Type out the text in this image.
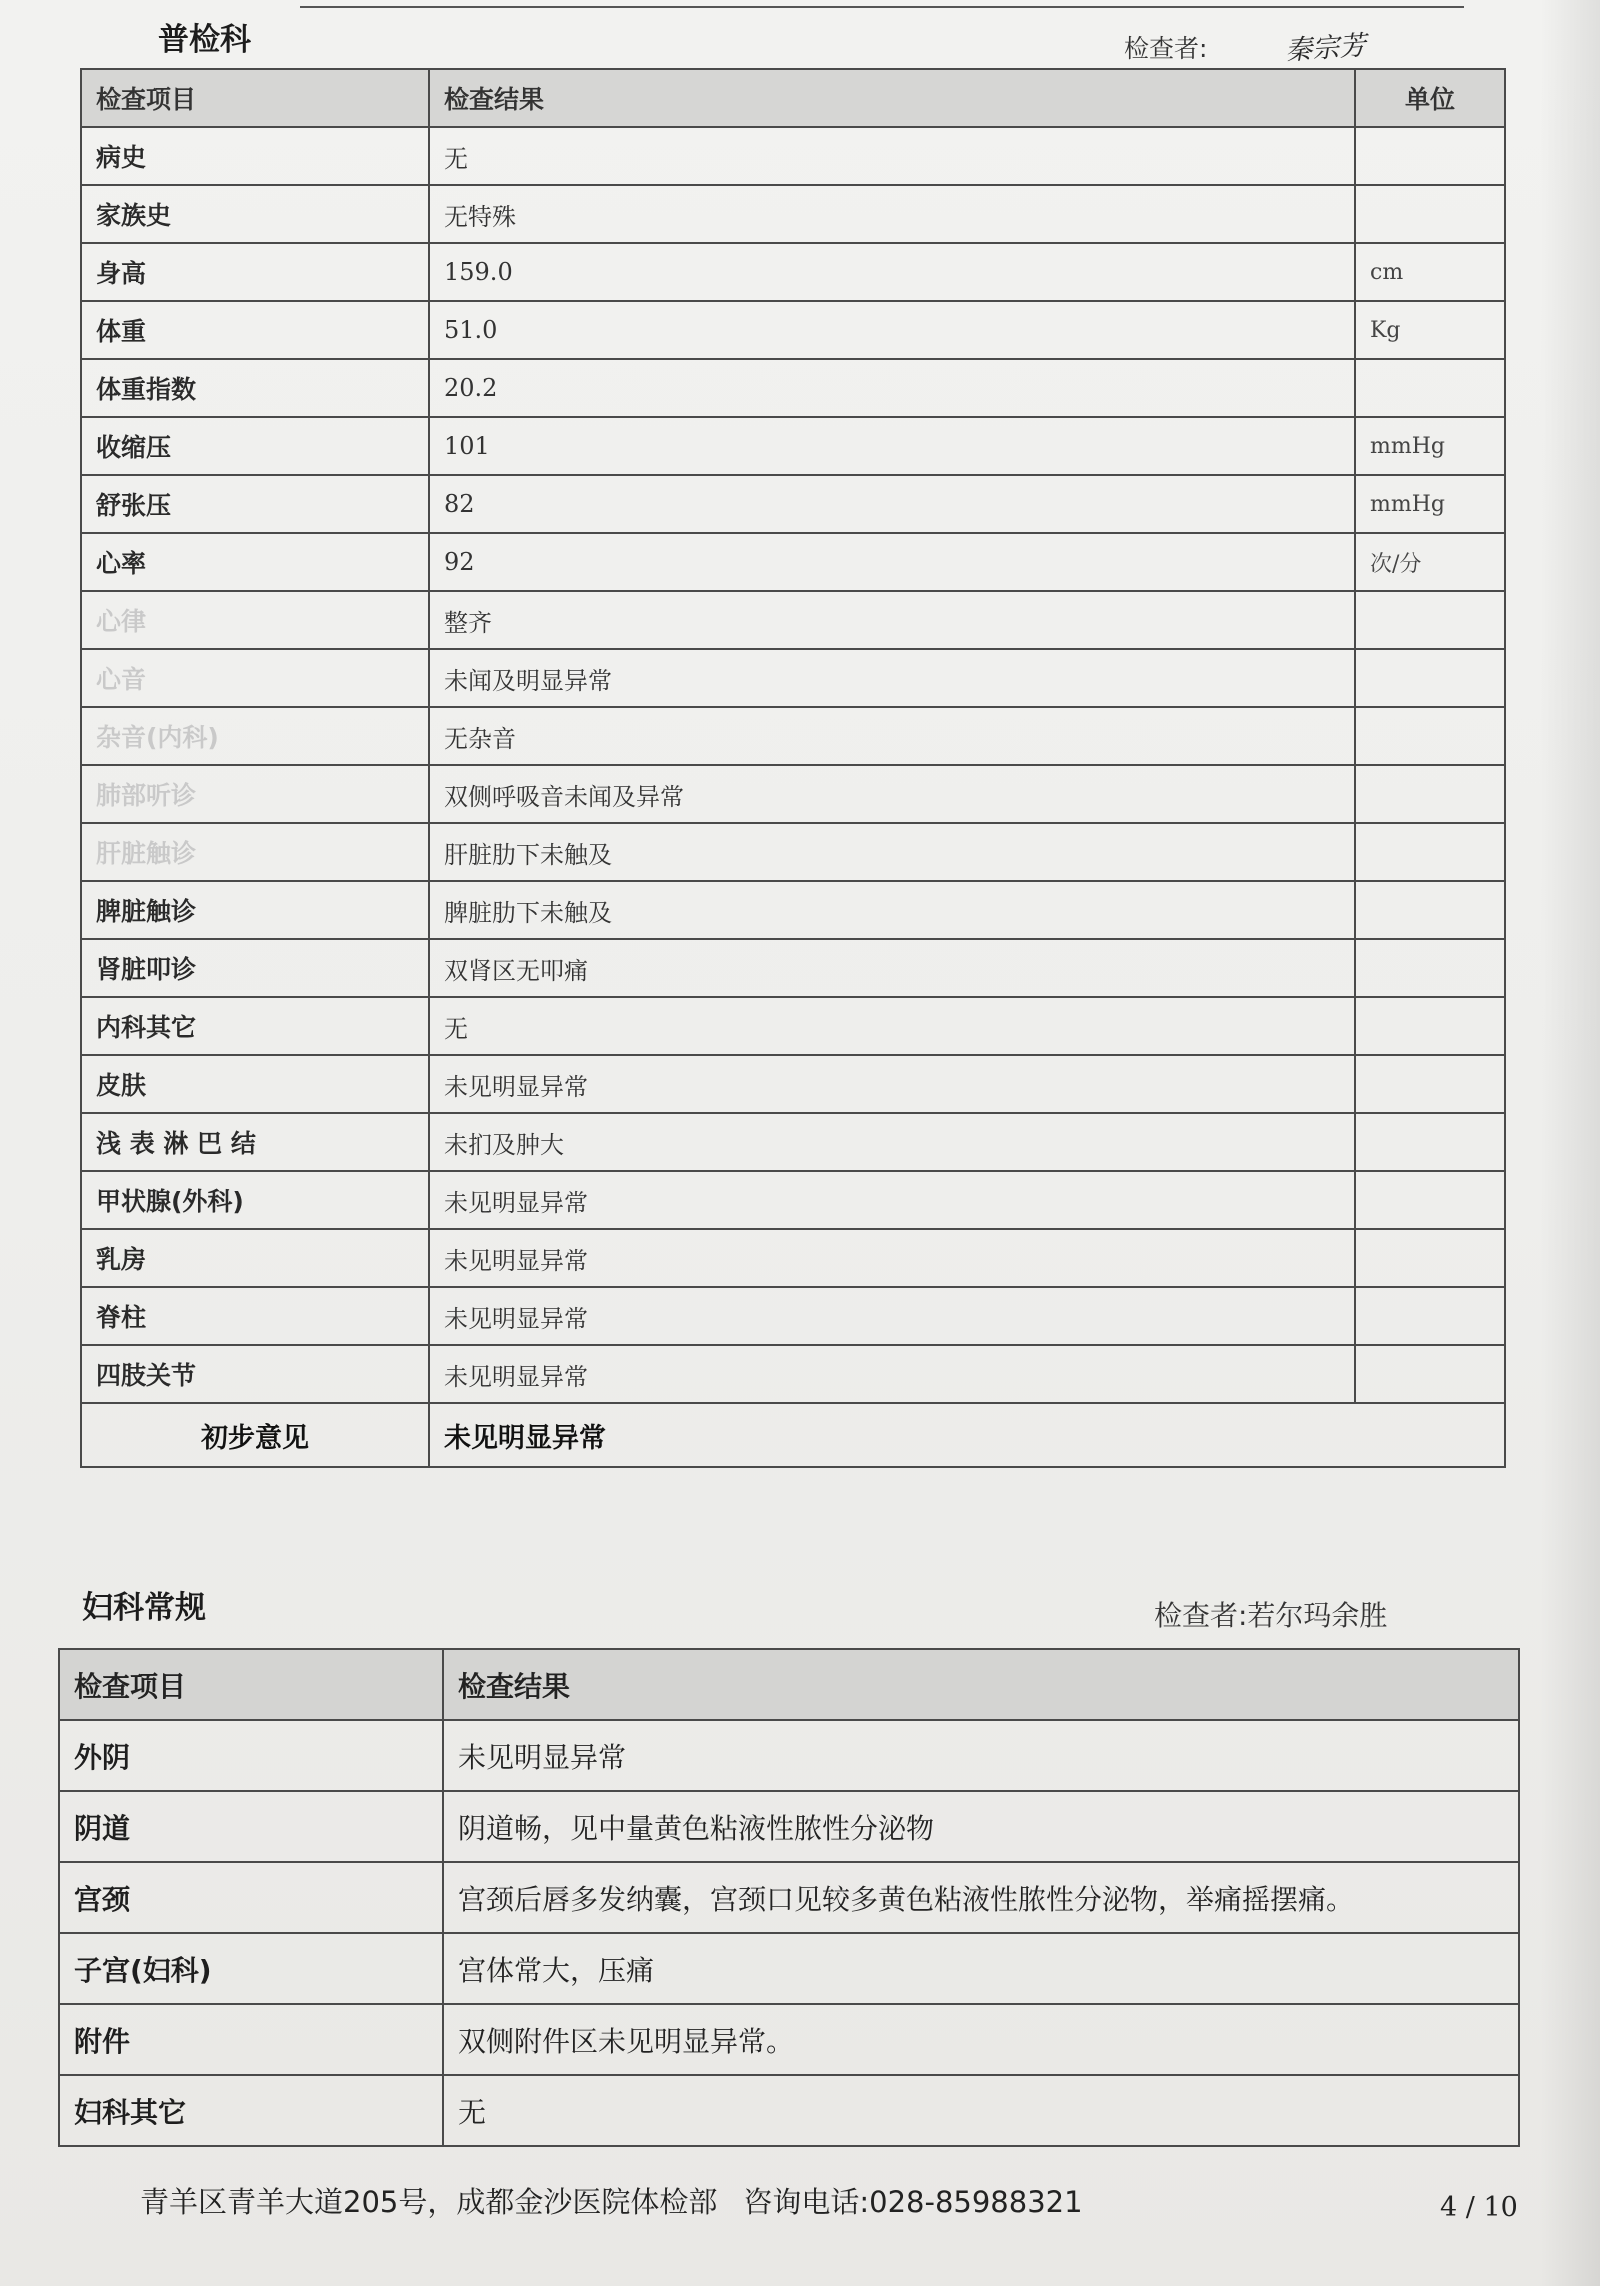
普检科	检查者:	秦宗芳
检查项目	检查结果	单位
病史	无	
家族史	无特殊	
身高	159.0	cm
体重	51.0	Kg
体重指数	20.2	
收缩压	101	mmHg
舒张压	82	mmHg
心率	92	次/分
心律	整齐	
心音	未闻及明显异常	
杂音(内科)	无杂音	
肺部听诊	双侧呼吸音未闻及异常	
肝脏触诊	肝脏肋下未触及	
脾脏触诊	脾脏肋下未触及	
肾脏叩诊	双肾区无叩痛	
内科其它	无	
皮肤	未见明显异常	
浅 表 淋 巴 结	未扪及肿大	
甲状腺(外科)	未见明显异常	
乳房	未见明显异常	
脊柱	未见明显异常	
四肢关节	未见明显异常	
初步意见	未见明显异常	
妇科常规	检查者:若尔玛余胜
检查项目	检查结果
外阴	未见明显异常
阴道	阴道畅，见中量黄色粘液性脓性分泌物
宫颈	宫颈后唇多发纳囊，宫颈口见较多黄色粘液性脓性分泌物，举痛摇摆痛。
子宫(妇科)	宫体常大，压痛
附件	双侧附件区未见明显异常。
妇科其它	无
青羊区青羊大道205号，成都金沙医院体检部 咨询电话:028-85988321	4 / 10
